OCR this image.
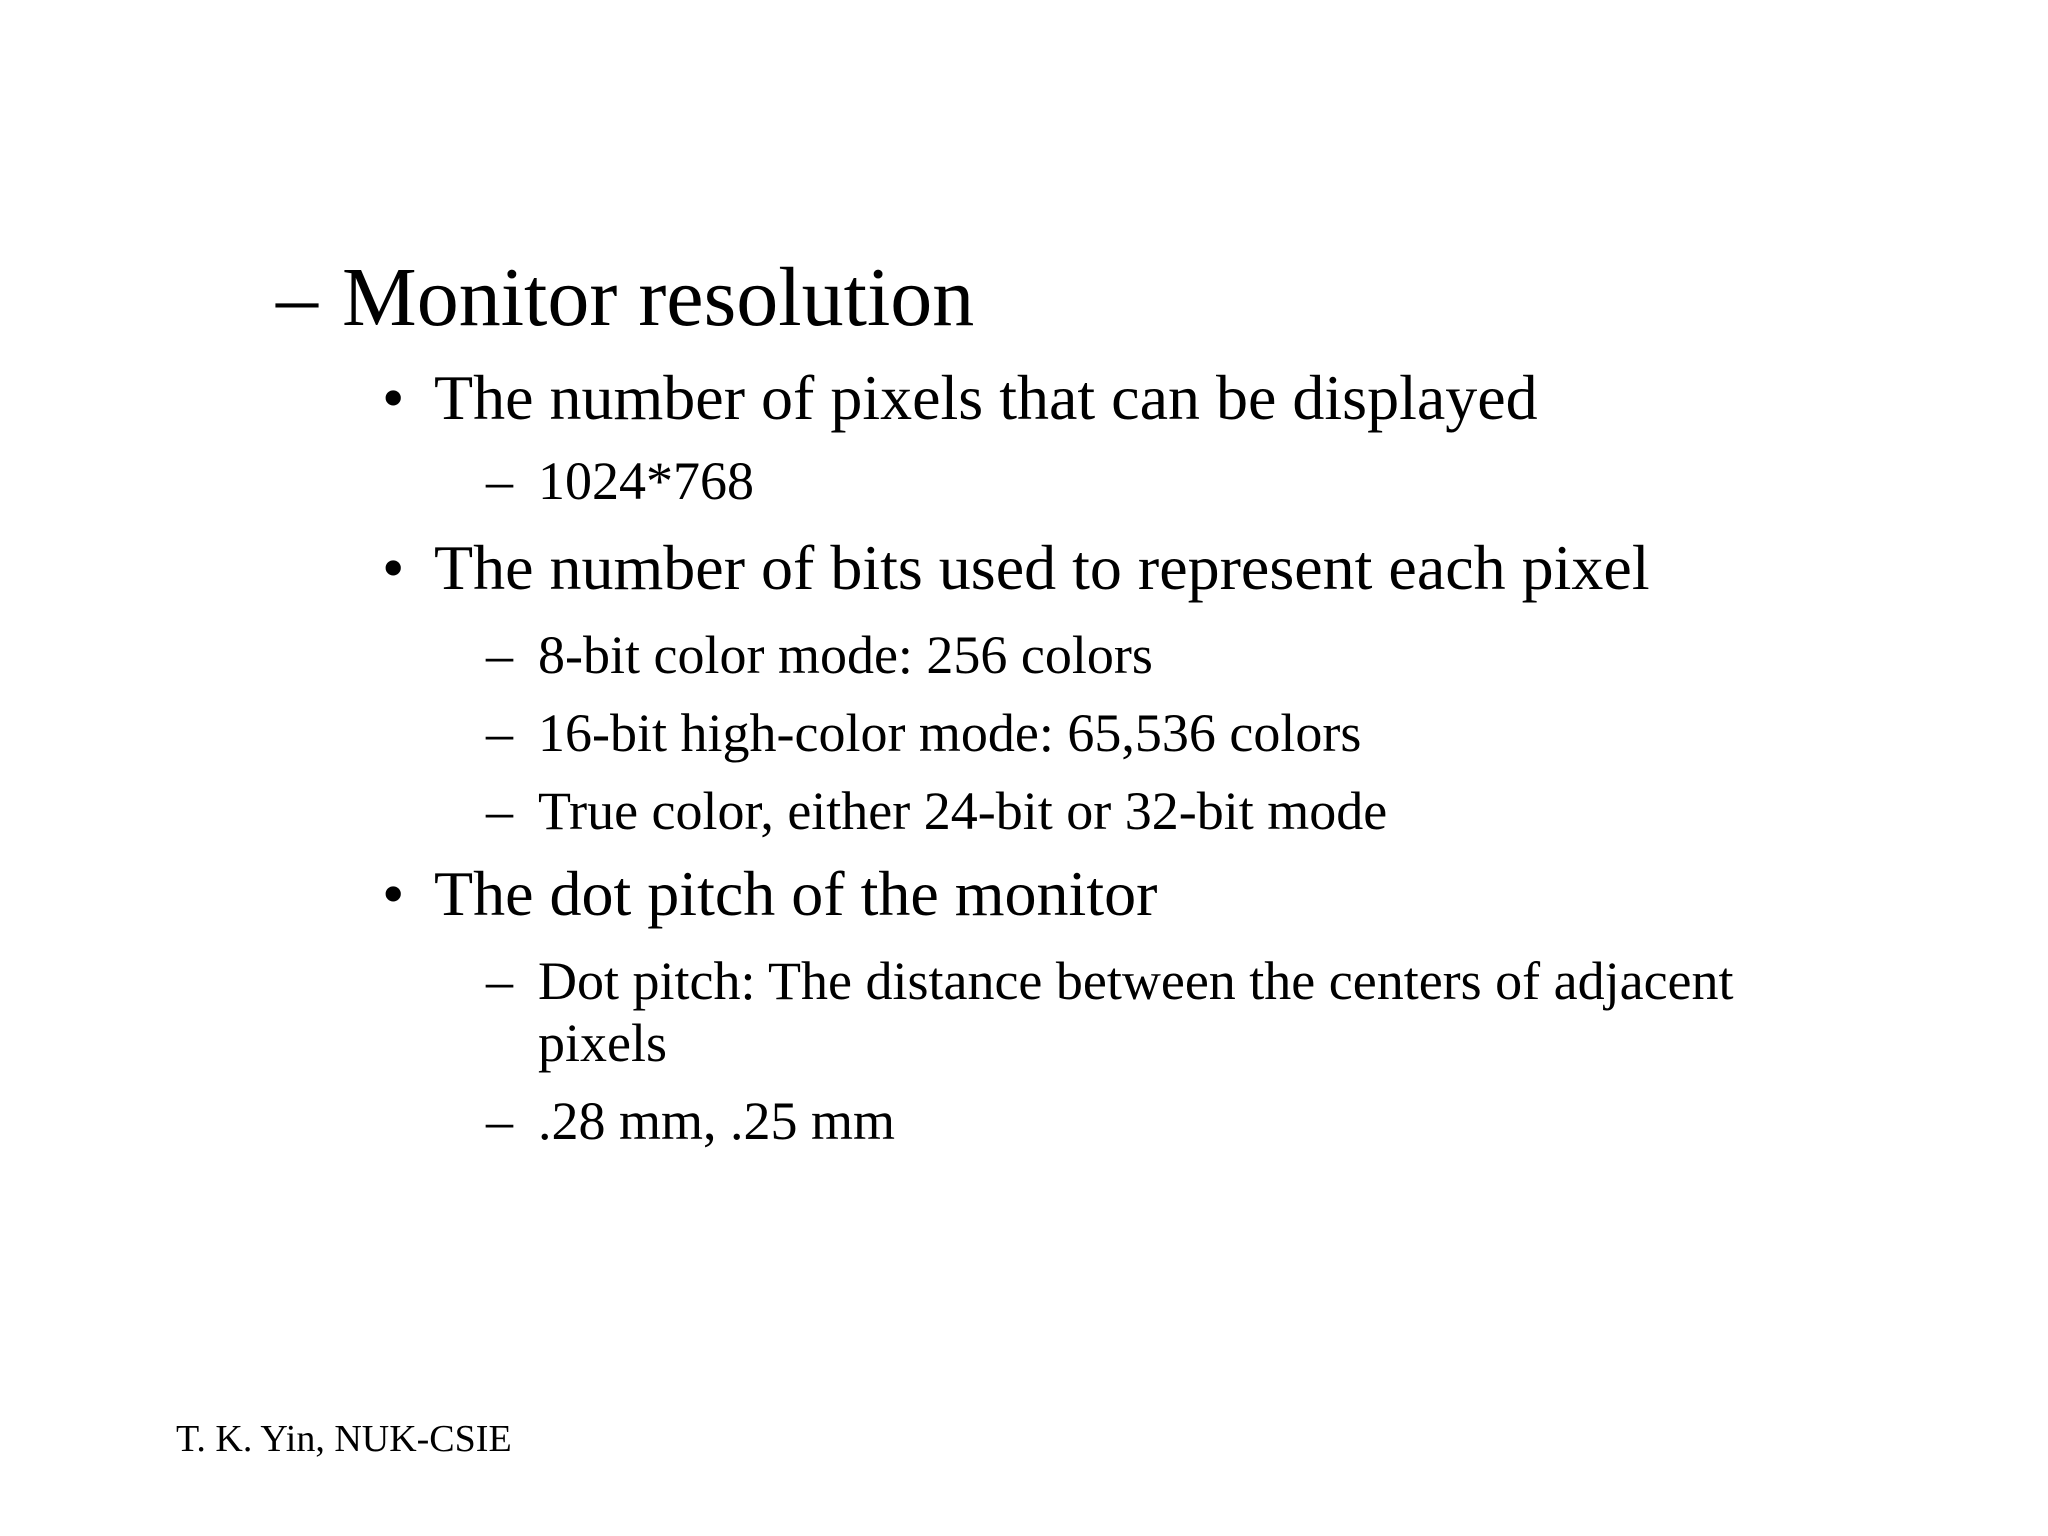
– Monitor resolution
• The number of pixels that can be displayed
– 1024*768
• The number of bits used to represent each pixel
– 8-bit color mode: 256 colors
– 16-bit high-color mode: 65,536 colors
– True color, either 24-bit or 32-bit mode
• The dot pitch of the monitor
– Dot pitch: The distance between the centers of adjacent
pixels
– .28 mm, .25 mm
T. K. Yin, NUK-CSIE
